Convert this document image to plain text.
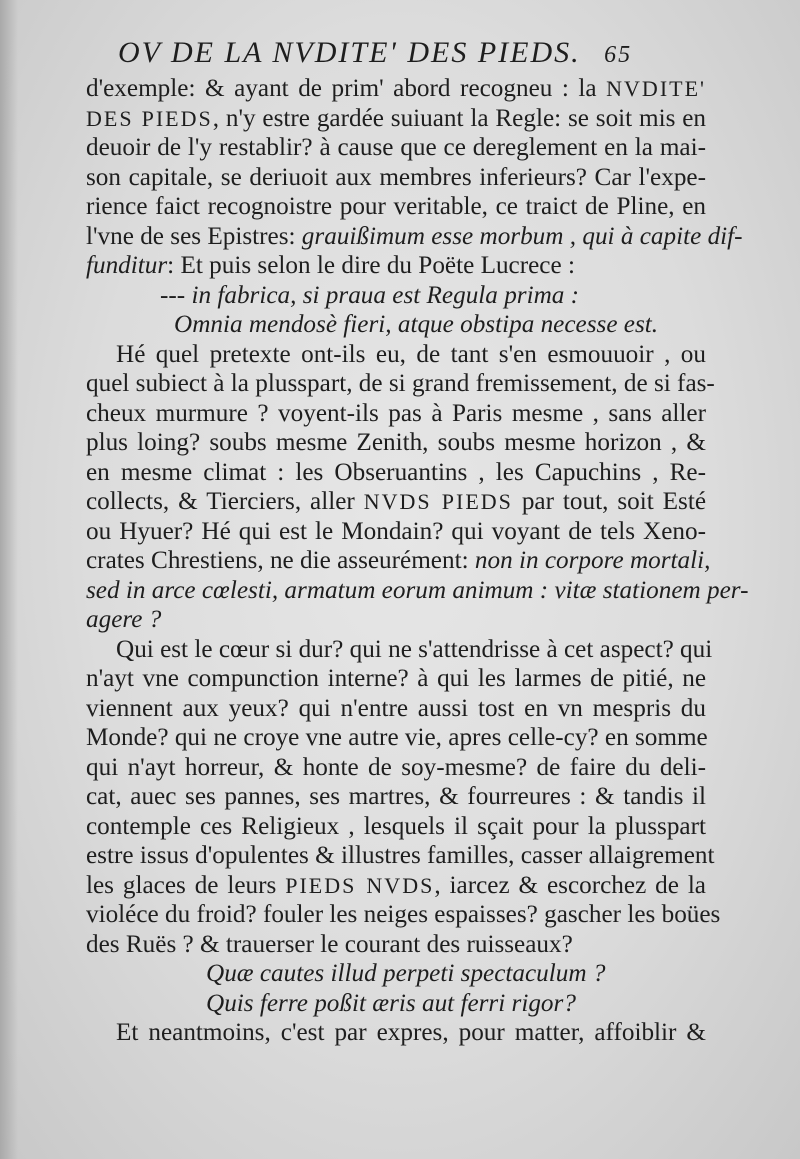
OV DE LA NVDITE' DES PIEDS. 65
d'exemple: & ayant de prim' abord recogneu : la NVDITE'
DES PIEDS, n'y estre gardée suiuant la Regle: se soit mis en
deuoir de l'y restablir? à cause que ce dereglement en la mai-
son capitale, se deriuoit aux membres inferieurs? Car l'expe-
rience faict recognoistre pour veritable, ce traict de Pline, en
l'vne de ses Epistres: grauißimum esse morbum , qui à capite dif-
funditur: Et puis selon le dire du Poëte Lucrece :
--- in fabrica, si praua est Regula prima :
Omnia mendosè fieri, atque obstipa necesse est.
Hé quel pretexte ont-ils eu, de tant s'en esmouuoir , ou
quel subiect à la plusspart, de si grand fremissement, de si fas-
cheux murmure ? voyent-ils pas à Paris mesme , sans aller
plus loing? soubs mesme Zenith, soubs mesme horizon , &
en mesme climat : les Obseruantins , les Capuchins , Re-
collects, & Tierciers, aller NVDS PIEDS par tout, soit Esté
ou Hyuer? Hé qui est le Mondain? qui voyant de tels Xeno-
crates Chrestiens, ne die asseurément: non in corpore mortali,
sed in arce cœlesti, armatum eorum animum : vitæ stationem per-
agere ?
Qui est le cœur si dur? qui ne s'attendrisse à cet aspect? qui
n'ayt vne compunction interne? à qui les larmes de pitié, ne
viennent aux yeux? qui n'entre aussi tost en vn mespris du
Monde? qui ne croye vne autre vie, apres celle-cy? en somme
qui n'ayt horreur, & honte de soy-mesme? de faire du deli-
cat, auec ses pannes, ses martres, & fourreures : & tandis il
contemple ces Religieux , lesquels il sçait pour la plusspart
estre issus d'opulentes & illustres familles, casser allaigrement
les glaces de leurs PIEDS NVDS, iarcez & escorchez de la
violéce du froid? fouler les neiges espaisses? gascher les boües
des Ruës ? & trauerser le courant des ruisseaux?
Quæ cautes illud perpeti spectaculum ?
Quis ferre poßit æris aut ferri rigor?
Et neantmoins, c'est par expres, pour matter, affoiblir &
